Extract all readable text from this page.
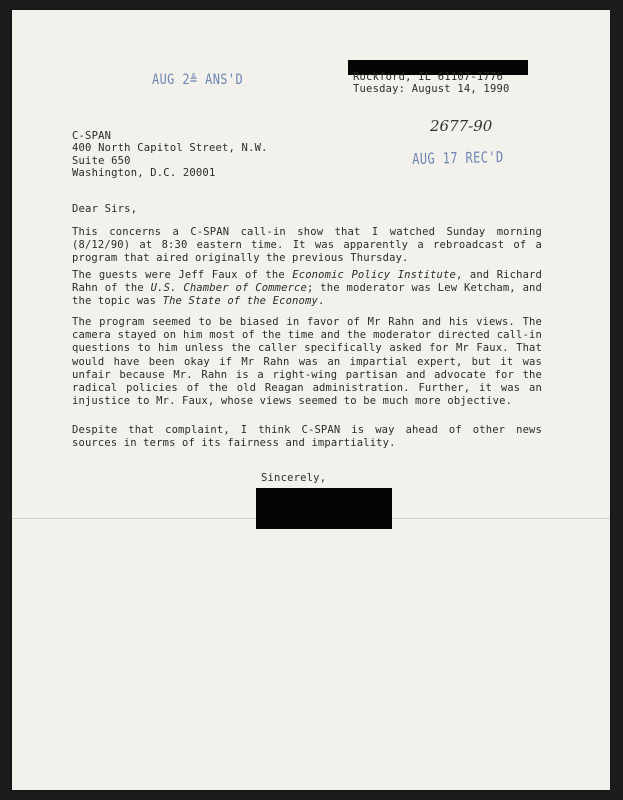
AUG 2≗ ANS'D
AUG 17 REC'D
2677-90
Rockford, IL 61107-1776
Tuesday: August 14, 1990
C-SPAN
400 North Capitol Street, N.W.
Suite 650
Washington, D.C. 20001
Dear Sirs,

This concerns a C-SPAN call-in show that I watched Sunday morning (8/12/90) at 8:30 eastern time. It was apparently a rebroadcast of a program that aired originally the previous Thursday.

The guests were Jeff Faux of the Economic Policy Institute, and Richard Rahn of the U.S. Chamber of Commerce; the moderator was Lew Ketcham, and the topic was The State of the Economy.

The program seemed to be biased in favor of Mr Rahn and his views. The camera stayed on him most of the time and the moderator directed call-in questions to him unless the caller specifically asked for Mr Faux. That would have been okay if Mr Rahn was an impartial expert, but it was unfair because Mr. Rahn is a right-wing partisan and advocate for the radical policies of the old Reagan administration. Further, it was an injustice to Mr. Faux, whose views seemed to be much more objective.

Despite that complaint, I think C-SPAN is way ahead of other news sources in terms of its fairness and impartiality.

Sincerely,
